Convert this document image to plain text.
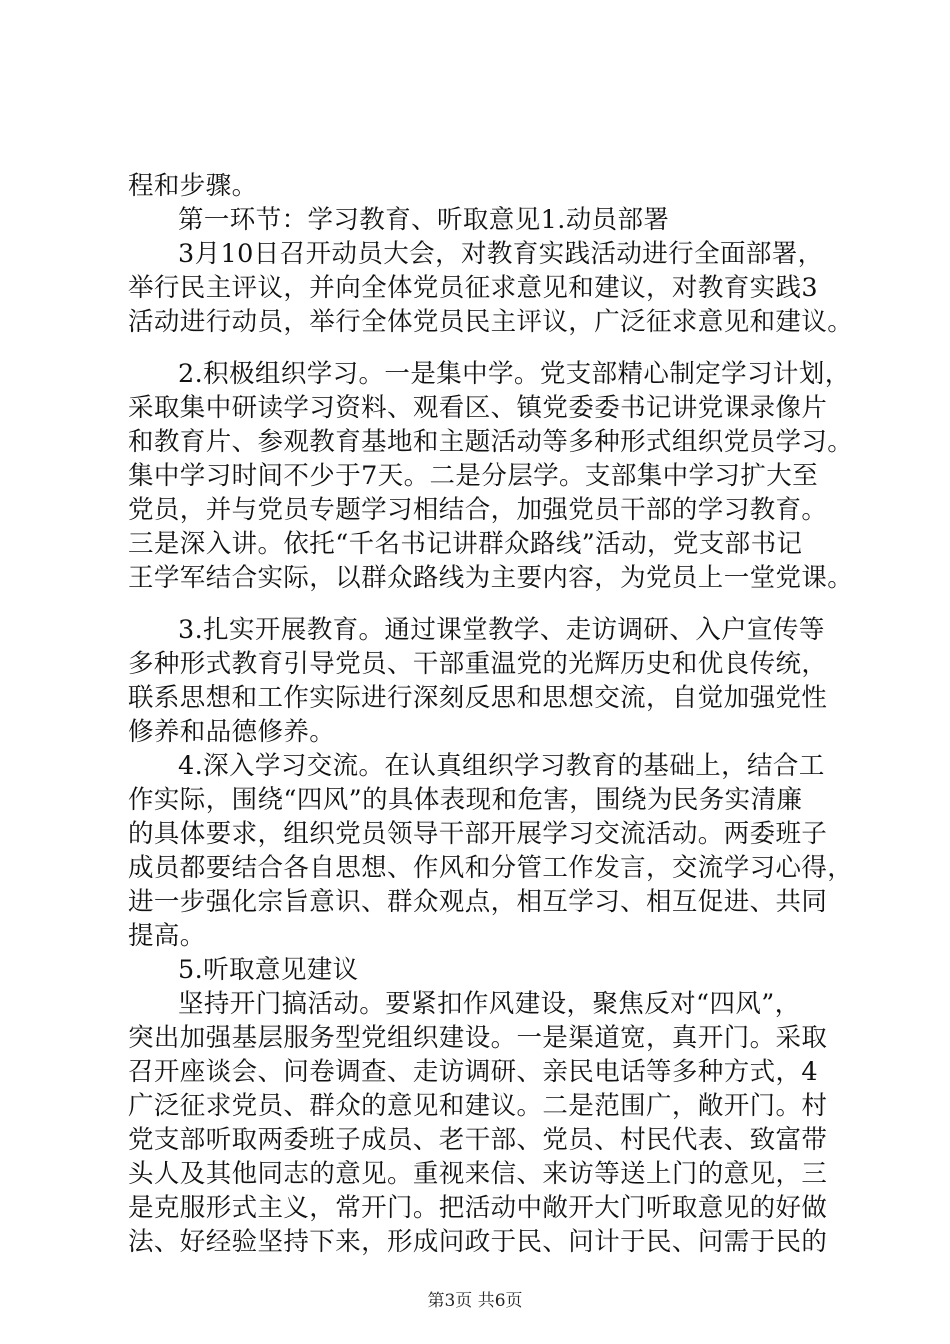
程和步骤。
第一环节：学习教育、听取意见1.动员部署
3月10日召开动员大会，对教育实践活动进行全面部署，
举行民主评议，并向全体党员征求意见和建议，对教育实践3
活动进行动员，举行全体党员民主评议，广泛征求意见和建议。
2.积极组织学习。一是集中学。党支部精心制定学习计划，
采取集中研读学习资料、观看区、镇党委委书记讲党课录像片
和教育片、参观教育基地和主题活动等多种形式组织党员学习。
集中学习时间不少于7天。二是分层学。支部集中学习扩大至
党员，并与党员专题学习相结合，加强党员干部的学习教育。
三是深入讲。依托“千名书记讲群众路线”活动，党支部书记
王学军结合实际，以群众路线为主要内容，为党员上一堂党课。
3.扎实开展教育。通过课堂教学、走访调研、入户宣传等
多种形式教育引导党员、干部重温党的光辉历史和优良传统，
联系思想和工作实际进行深刻反思和思想交流，自觉加强党性
修养和品德修养。
4.深入学习交流。在认真组织学习教育的基础上，结合工
作实际，围绕“四风”的具体表现和危害，围绕为民务实清廉
的具体要求，组织党员领导干部开展学习交流活动。两委班子
成员都要结合各自思想、作风和分管工作发言，交流学习心得，
进一步强化宗旨意识、群众观点，相互学习、相互促进、共同
提高。
5.听取意见建议
坚持开门搞活动。要紧扣作风建设，聚焦反对“四风”，
突出加强基层服务型党组织建设。一是渠道宽，真开门。采取
召开座谈会、问卷调查、走访调研、亲民电话等多种方式，4
广泛征求党员、群众的意见和建议。二是范围广，敞开门。村
党支部听取两委班子成员、老干部、党员、村民代表、致富带
头人及其他同志的意见。重视来信、来访等送上门的意见，三
是克服形式主义，常开门。把活动中敞开大门听取意见的好做
法、好经验坚持下来，形成问政于民、问计于民、问需于民的
第3页 共6页
